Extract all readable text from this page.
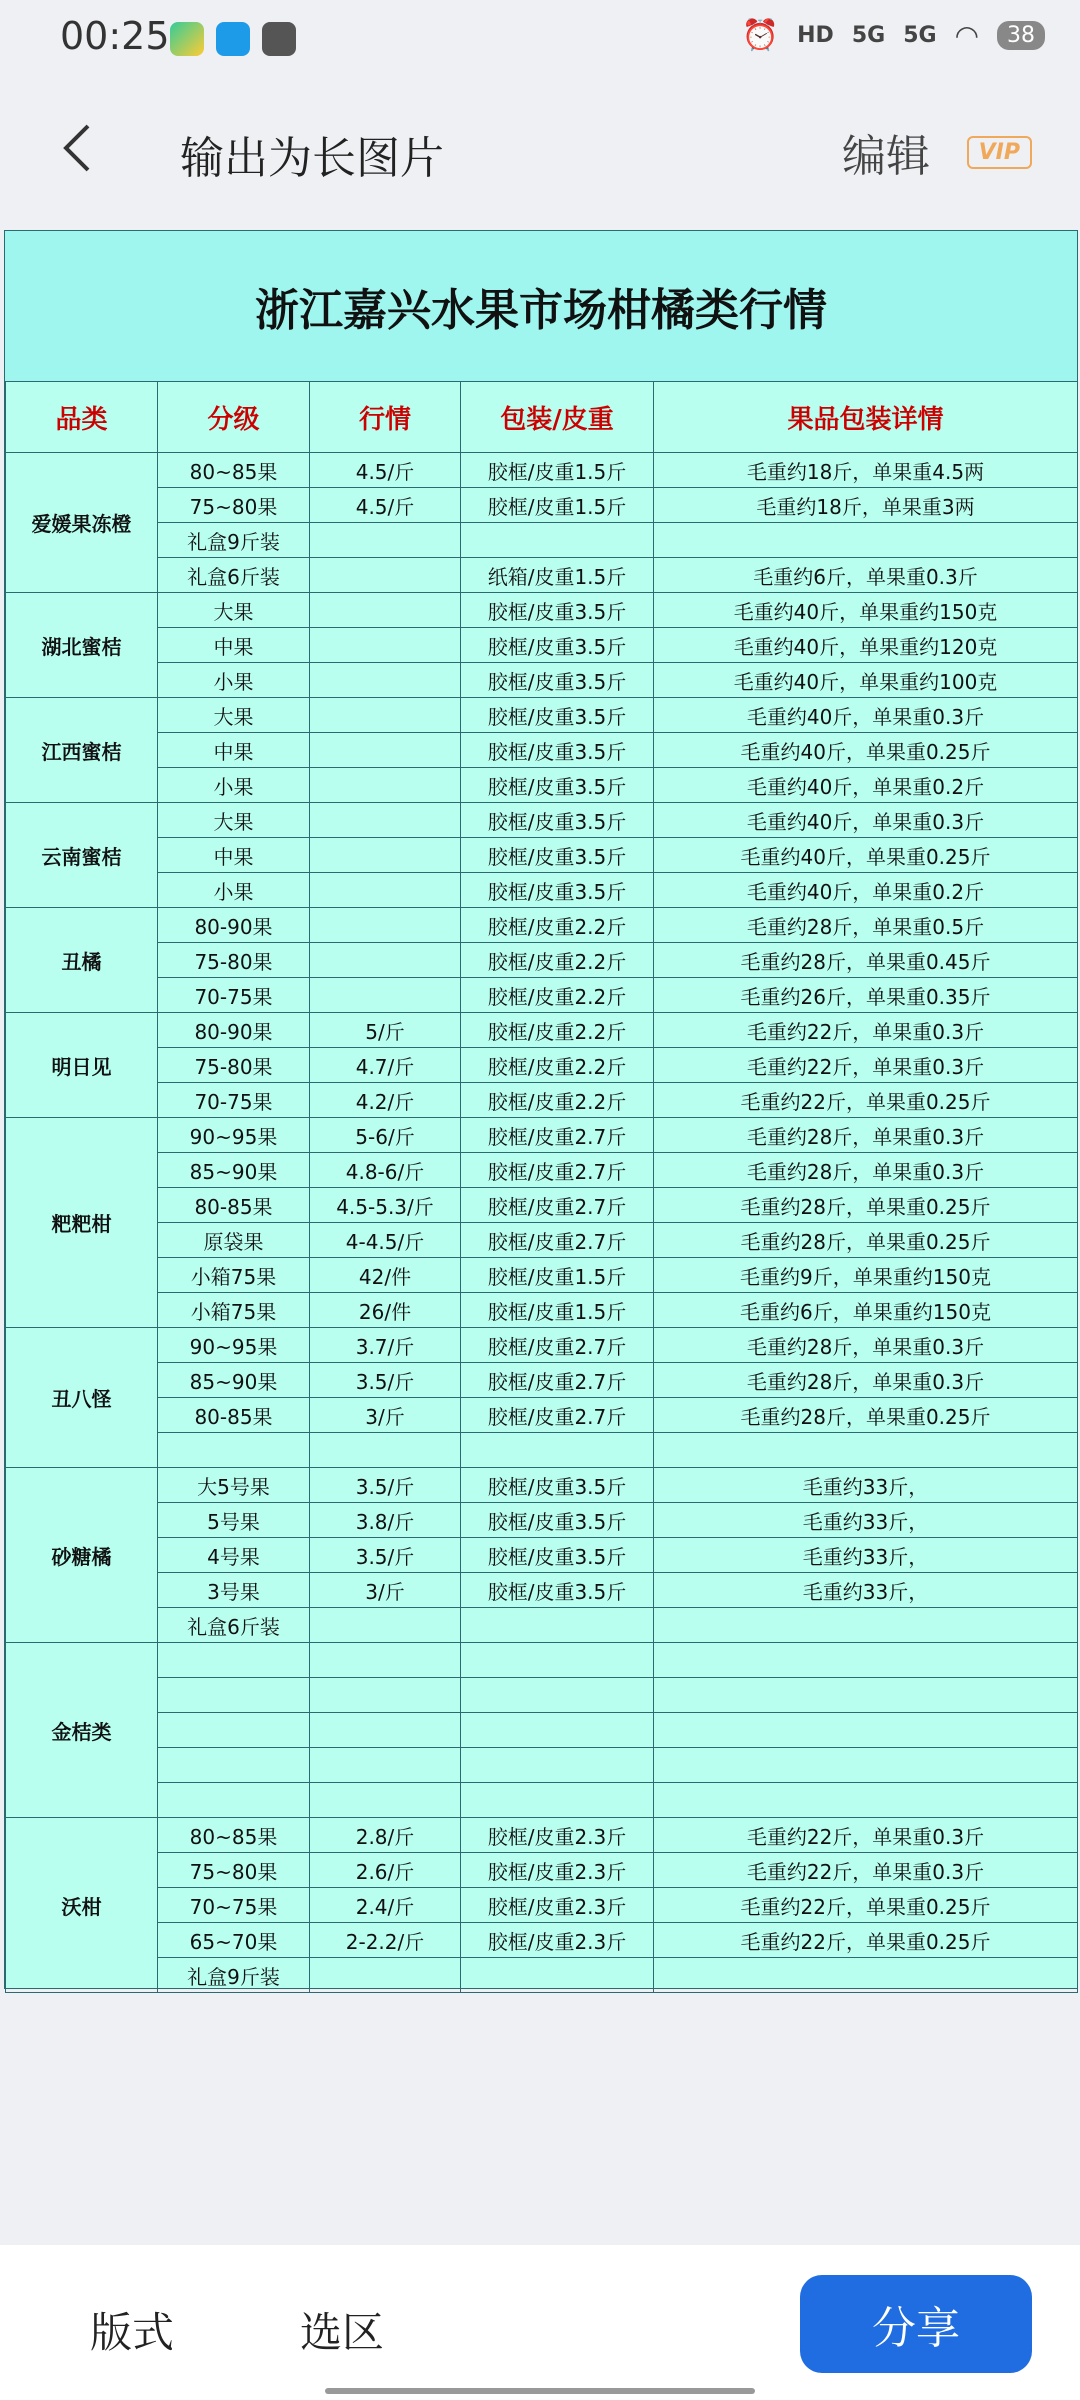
00:25	⏰ HD 5G 5G ◠	38
输出为长图片	编辑	VIP
浙江嘉兴水果市场柑橘类行情
品类	分级	行情	包装/皮重	果品包装详情
爱媛果冻橙	80~85果	4.5/斤	胶框/皮重1.5斤	毛重约18斤，单果重4.5两
	75~80果	4.5/斤	胶框/皮重1.5斤	毛重约18斤，单果重3两
	礼盒9斤装			
	礼盒6斤装		纸箱/皮重1.5斤	毛重约6斤，单果重0.3斤
湖北蜜桔	大果		胶框/皮重3.5斤	毛重约40斤，单果重约150克
	中果		胶框/皮重3.5斤	毛重约40斤，单果重约120克
	小果		胶框/皮重3.5斤	毛重约40斤，单果重约100克
江西蜜桔	大果		胶框/皮重3.5斤	毛重约40斤，单果重0.3斤
	中果		胶框/皮重3.5斤	毛重约40斤，单果重0.25斤
	小果		胶框/皮重3.5斤	毛重约40斤，单果重0.2斤
云南蜜桔	大果		胶框/皮重3.5斤	毛重约40斤，单果重0.3斤
	中果		胶框/皮重3.5斤	毛重约40斤，单果重0.25斤
	小果		胶框/皮重3.5斤	毛重约40斤，单果重0.2斤
丑橘	80-90果		胶框/皮重2.2斤	毛重约28斤，单果重0.5斤
	75-80果		胶框/皮重2.2斤	毛重约28斤，单果重0.45斤
	70-75果		胶框/皮重2.2斤	毛重约26斤，单果重0.35斤
明日见	80-90果	5/斤	胶框/皮重2.2斤	毛重约22斤，单果重0.3斤
	75-80果	4.7/斤	胶框/皮重2.2斤	毛重约22斤，单果重0.3斤
	70-75果	4.2/斤	胶框/皮重2.2斤	毛重约22斤，单果重0.25斤
粑粑柑	90~95果	5-6/斤	胶框/皮重2.7斤	毛重约28斤，单果重0.3斤
	85~90果	4.8-6/斤	胶框/皮重2.7斤	毛重约28斤，单果重0.3斤
	80-85果	4.5-5.3/斤	胶框/皮重2.7斤	毛重约28斤，单果重0.25斤
	原袋果	4-4.5/斤	胶框/皮重2.7斤	毛重约28斤，单果重0.25斤
	小箱75果	42/件	胶框/皮重1.5斤	毛重约9斤，单果重约150克
	小箱75果	26/件	胶框/皮重1.5斤	毛重约6斤，单果重约150克
丑八怪	90~95果	3.7/斤	胶框/皮重2.7斤	毛重约28斤，单果重0.3斤
	85~90果	3.5/斤	胶框/皮重2.7斤	毛重约28斤，单果重0.3斤
	80-85果	3/斤	胶框/皮重2.7斤	毛重约28斤，单果重0.25斤

砂糖橘	大5号果	3.5/斤	胶框/皮重3.5斤	毛重约33斤，
	5号果	3.8/斤	胶框/皮重3.5斤	毛重约33斤，
	4号果	3.5/斤	胶框/皮重3.5斤	毛重约33斤，
	3号果	3/斤	胶框/皮重3.5斤	毛重约33斤，
	礼盒6斤装			
金桔类				

沃柑	80~85果	2.8/斤	胶框/皮重2.3斤	毛重约22斤，单果重0.3斤
	75~80果	2.6/斤	胶框/皮重2.3斤	毛重约22斤，单果重0.3斤
	70~75果	2.4/斤	胶框/皮重2.3斤	毛重约22斤，单果重0.25斤
	65~70果	2-2.2/斤	胶框/皮重2.3斤	毛重约22斤，单果重0.25斤
	礼盒9斤装			
版式	选区	分享
